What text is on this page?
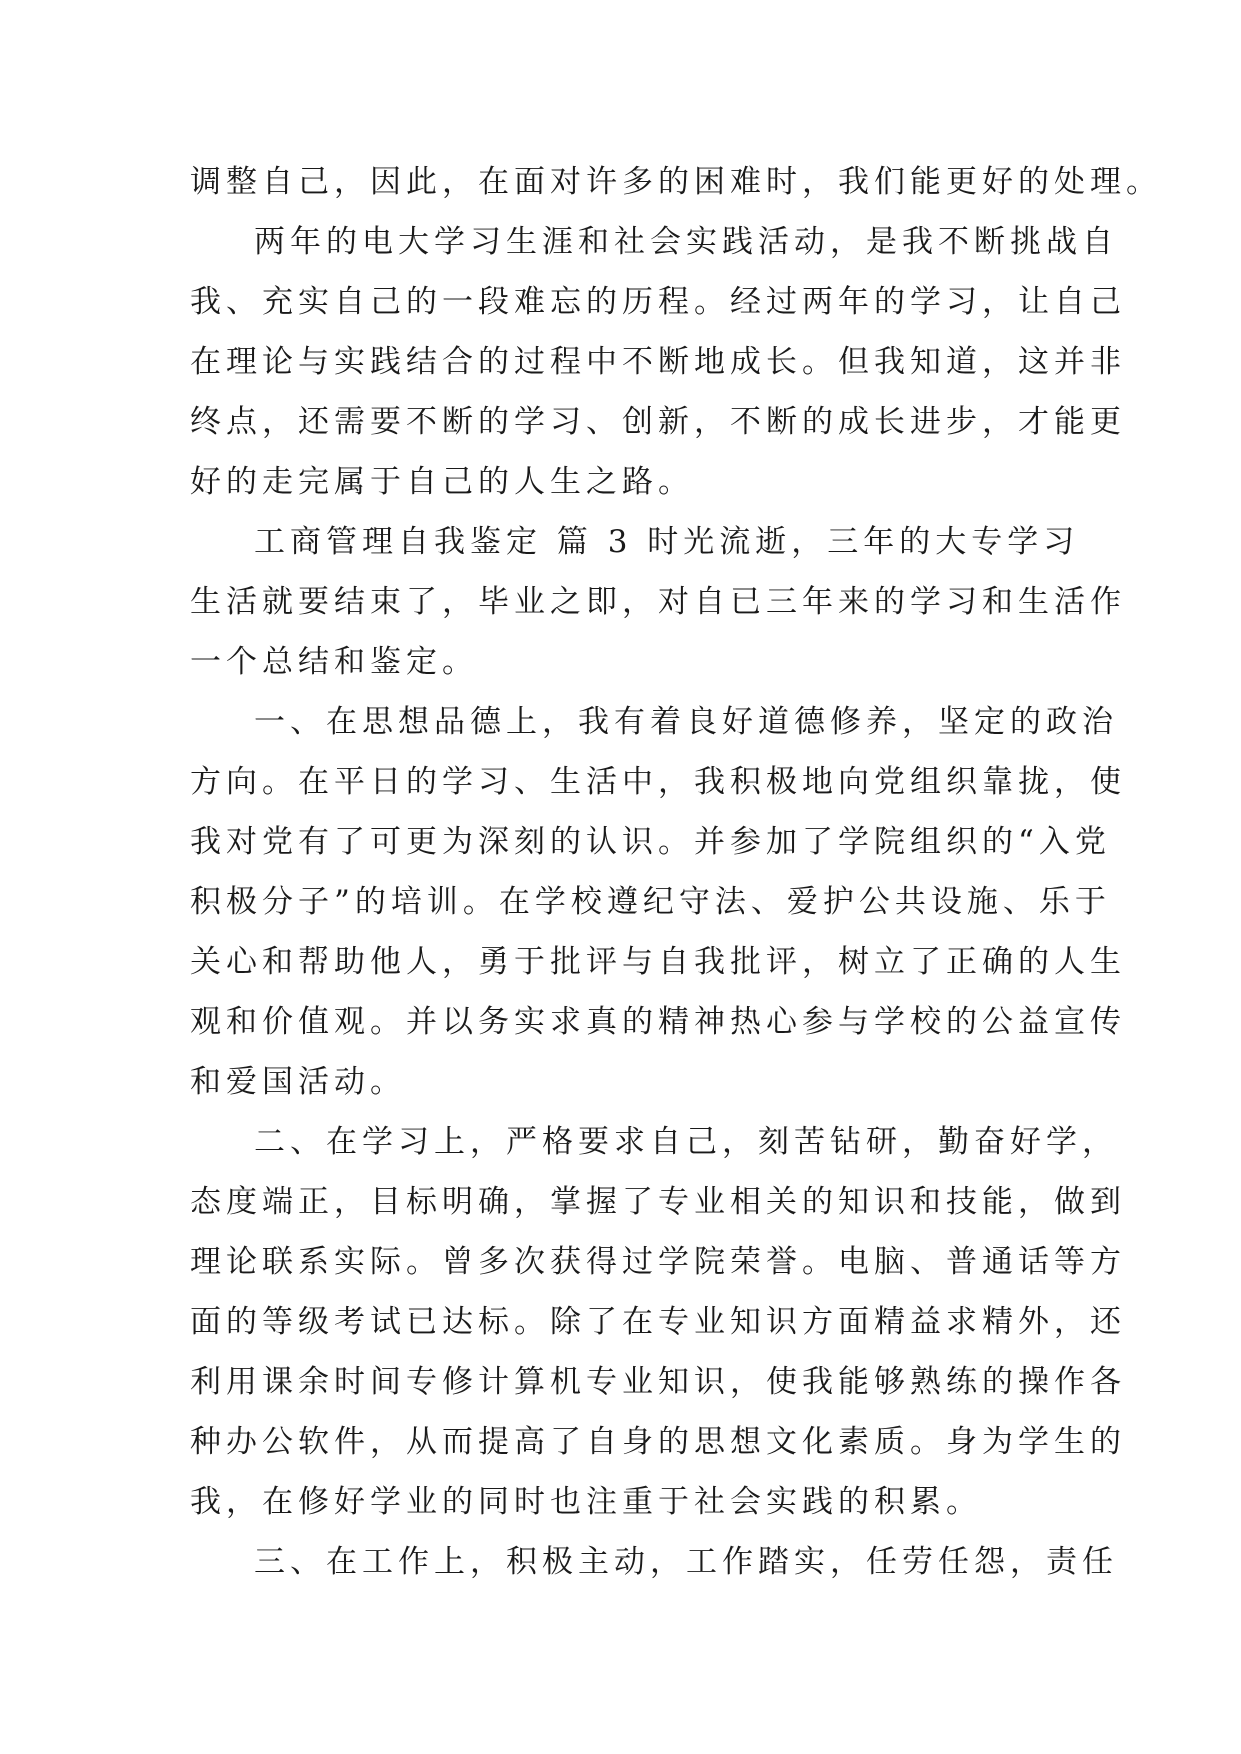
调整自己，因此，在面对许多的困难时，我们能更好的处理。
两年的电大学习生涯和社会实践活动，是我不断挑战自
我、充实自己的一段难忘的历程。经过两年的学习，让自己
在理论与实践结合的过程中不断地成长。但我知道，这并非
终点，还需要不断的学习、创新，不断的成长进步，才能更
好的走完属于自己的人生之路。
工商管理自我鉴定 篇 3 时光流逝，三年的大专学习
生活就要结束了，毕业之即，对自已三年来的学习和生活作
一个总结和鉴定。
一、在思想品德上，我有着良好道德修养，坚定的政治
方向。在平日的学习、生活中，我积极地向党组织靠拢，使
我对党有了可更为深刻的认识。并参加了学院组织的“入党
积极分子”的培训。在学校遵纪守法、爱护公共设施、乐于
关心和帮助他人，勇于批评与自我批评，树立了正确的人生
观和价值观。并以务实求真的精神热心参与学校的公益宣传
和爱国活动。
二、在学习上，严格要求自己，刻苦钻研，勤奋好学，
态度端正，目标明确，掌握了专业相关的知识和技能，做到
理论联系实际。曾多次获得过学院荣誉。电脑、普通话等方
面的等级考试已达标。除了在专业知识方面精益求精外，还
利用课余时间专修计算机专业知识，使我能够熟练的操作各
种办公软件，从而提高了自身的思想文化素质。身为学生的
我，在修好学业的同时也注重于社会实践的积累。
三、在工作上，积极主动，工作踏实，任劳任怨，责任
